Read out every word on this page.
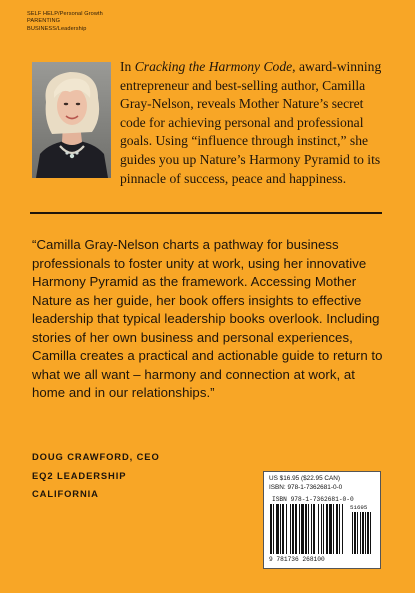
SELF HELP/Personal Growth
PARENTING
BUSINESS/Leadership
In Cracking the Harmony Code, award-winning entrepreneur and best-selling author, Camilla Gray-Nelson, reveals Mother Nature’s secret code for achieving personal and professional goals. Using “influence through instinct,” she guides you up Nature’s Harmony Pyramid to its pinnacle of success, peace and happiness.
“Camilla Gray-Nelson charts a pathway for business professionals to foster unity at work, using her innovative Harmony Pyramid as the framework. Accessing Mother Nature as her guide, her book offers insights to effective leadership that typical leadership books overlook. Including stories of her own business and personal experiences, Camilla creates a practical and actionable guide to return to what we all want – harmony and connection at work, at home and in our relationships.”
DOUG CRAWFORD, CEO
EQ2 LEADERSHIP
CALIFORNIA
US $16.95 ($22.95 CAN)
ISBN: 978-1-7362681-0-0
ISBN 978-1-7362681-0-0
51695
9 781736 268100
